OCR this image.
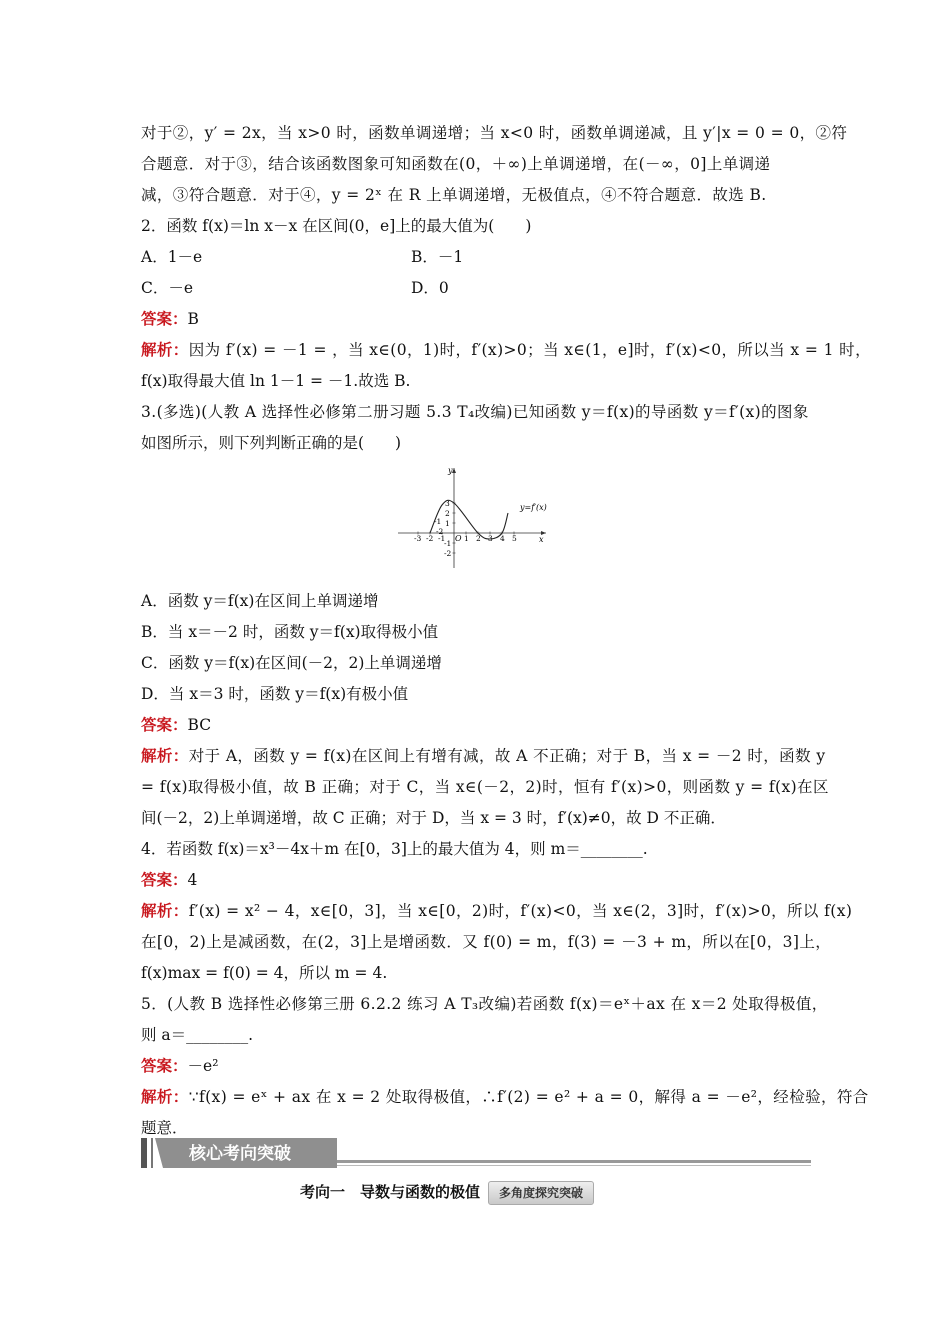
对于②，y′ = 2x，当 x>0 时，函数单调递增；当 x<0 时，函数单调递减，且 y′|x = 0 = 0，②符
合题意．对于③，结合该函数图象可知函数在(0，＋∞)上单调递增，在(－∞，0]上单调递
减，③符合题意．对于④，y = 2ˣ 在 R 上单调递增，无极值点，④不符合题意．故选 B.
2．函数 f(x)＝ln x－x 在区间(0，e]上的最大值为(　　)
A．1－e	B．－1
C．－e	D．0
答案：B
解析：因为 f′(x) = －1 = ，当 x∈(0，1)时，f′(x)>0；当 x∈(1，e]时，f′(x)<0，所以当 x = 1 时，
f(x)取得最大值 ln 1－1 = －1.故选 B.
3.(多选)(人教 A 选择性必修第二册习题 5.3 T₄改编)已知函数 y＝f(x)的导函数 y＝f′(x)的图象
如图所示，则下列判断正确的是(　　)
y
x
O
y=f′(x)
-3 -2 -1 1 2 3 4 5
3
2
1
-1
-2
-1
-2
A．函数 y＝f(x)在区间上单调递增
B．当 x＝－2 时，函数 y＝f(x)取得极小值
C．函数 y＝f(x)在区间(－2，2)上单调递增
D．当 x＝3 时，函数 y＝f(x)有极小值
答案：BC
解析：对于 A，函数 y = f(x)在区间上有增有减，故 A 不正确；对于 B，当 x = －2 时，函数 y
= f(x)取得极小值，故 B 正确；对于 C，当 x∈(－2，2)时，恒有 f′(x)>0，则函数 y = f(x)在区
间(－2，2)上单调递增，故 C 正确；对于 D，当 x = 3 时，f′(x)≠0，故 D 不正确．
4．若函数 f(x)＝x³－4x＋m 在[0，3]上的最大值为 4，则 m＝________.
答案：4
解析：f′(x) = x² − 4，x∈[0，3]，当 x∈[0，2)时，f′(x)<0，当 x∈(2，3]时，f′(x)>0，所以 f(x)
在[0，2)上是减函数，在(2，3]上是增函数．又 f(0) = m，f(3) = －3 + m，所以在[0，3]上，
f(x)max = f(0) = 4，所以 m = 4.
5．(人教 B 选择性必修第三册 6.2.2 练习 A T₃改编)若函数 f(x)＝eˣ＋ax 在 x＝2 处取得极值，
则 a＝________.
答案：－e²
解析：∵f(x) = eˣ + ax 在 x = 2 处取得极值，∴f′(2) = e² + a = 0，解得 a = －e²，经检验，符合
题意．
核心考向突破
考向一　导数与函数的极值 多角度探究突破
